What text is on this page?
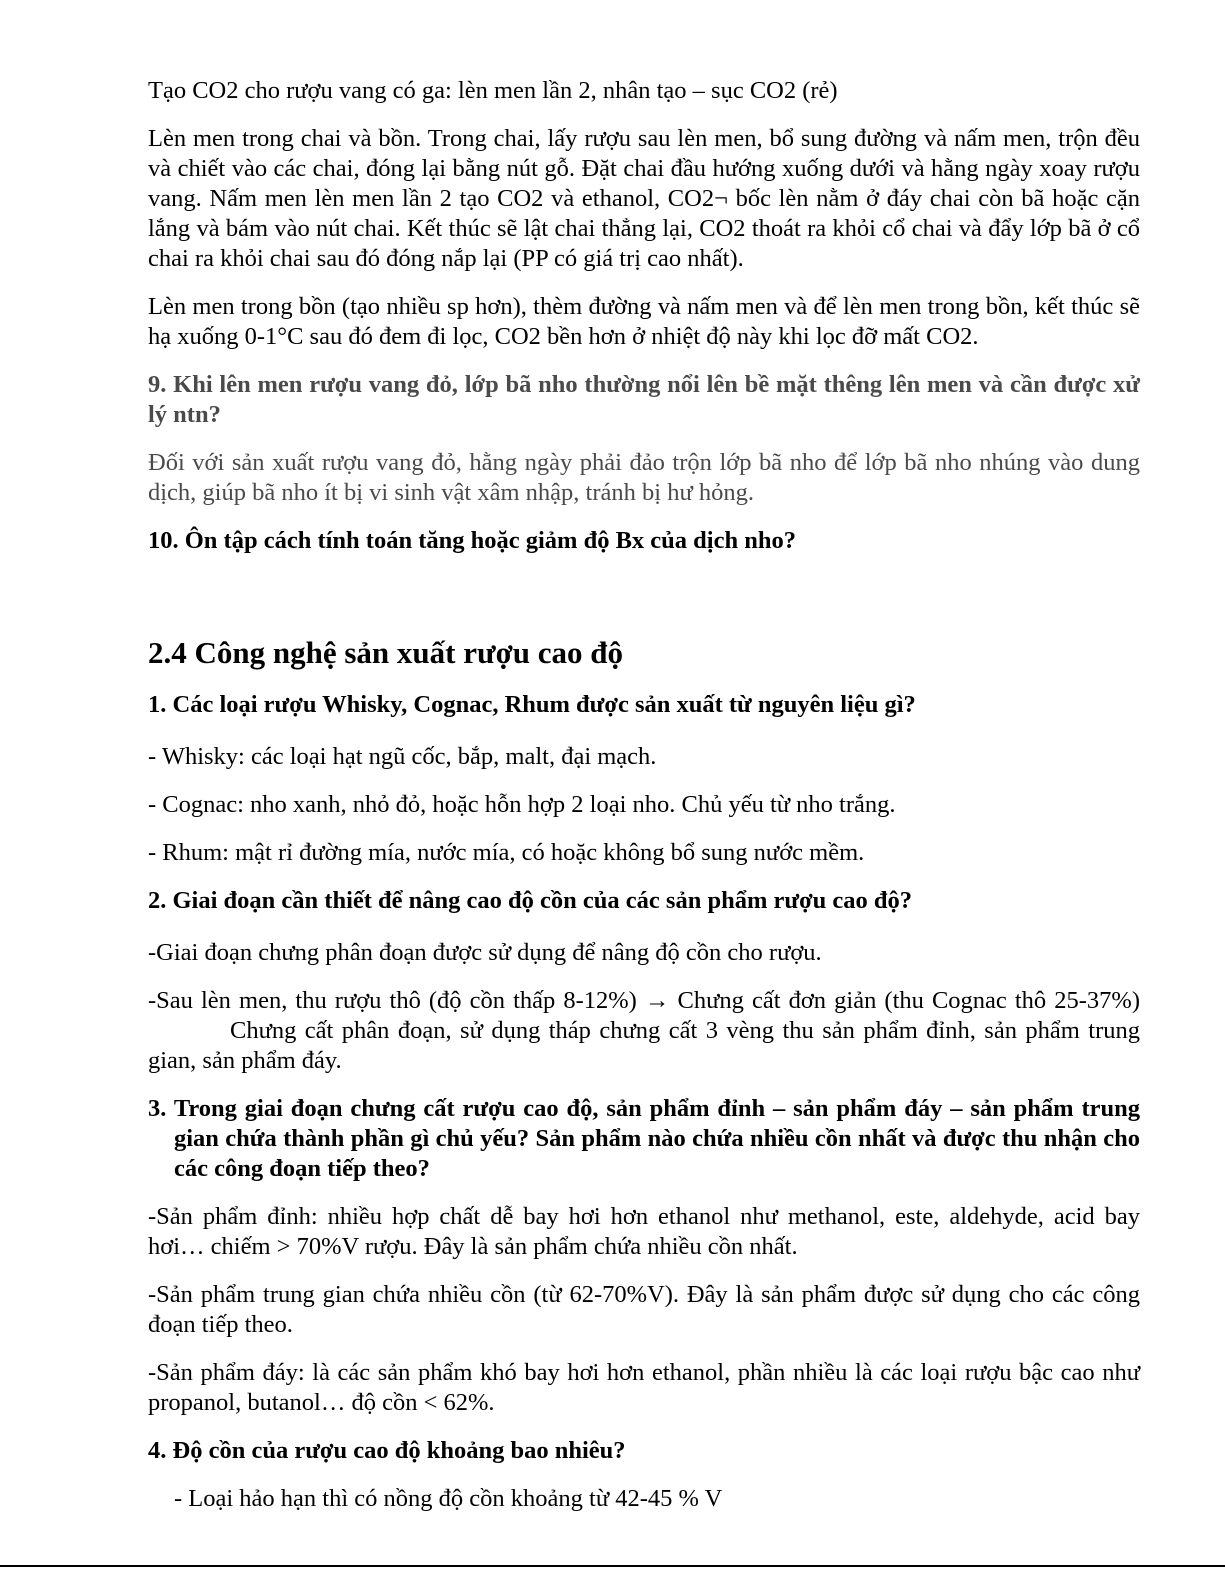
Tạo CO2 cho rượu vang có ga: lèn men lần 2, nhân tạo – sục CO2 (rẻ)

Lèn men trong chai và bồn. Trong chai, lấy rượu sau lèn men, bổ sung đường và nấm men, trộn đều và chiết vào các chai, đóng lại bằng nút gỗ. Đặt chai đầu hướng xuống dưới và hằng ngày xoay rượu vang. Nấm men lèn men lần 2 tạo CO2 và ethanol, CO2¬ bốc lèn nằm ở đáy chai còn bã hoặc cặn lắng và bám vào nút chai. Kết thúc sẽ lật chai thẳng lại, CO2 thoát ra khỏi cổ chai và đẩy lớp bã ở cổ chai ra khỏi chai sau đó đóng nắp lại (PP có giá trị cao nhất).

Lèn men trong bồn (tạo nhiều sp hơn), thèm đường và nấm men và để lèn men trong bồn, kết thúc sẽ hạ xuống 0-1°C sau đó đem đi lọc, CO2 bền hơn ở nhiệt độ này khi lọc đỡ mất CO2.

9. Khi lên men rượu vang đỏ, lớp bã nho thường nổi lên bề mặt thêng lên men và cần được xử lý ntn?

Đối với sản xuất rượu vang đỏ, hằng ngày phải đảo trộn lớp bã nho để lớp bã nho nhúng vào dung dịch, giúp bã nho ít bị vi sinh vật xâm nhập, tránh bị hư hỏng.

10. Ôn tập cách tính toán tăng hoặc giảm độ Bx của dịch nho?

2.4 Công nghệ sản xuất rượu cao độ

1. Các loại rượu Whisky, Cognac, Rhum được sản xuất từ nguyên liệu gì?

- Whisky: các loại hạt ngũ cốc, bắp, malt, đại mạch.

- Cognac: nho xanh, nhỏ đỏ, hoặc hỗn hợp 2 loại nho. Chủ yếu từ nho trắng.

- Rhum: mật rỉ đường mía, nước mía, có hoặc không bổ sung nước mềm.

2. Giai đoạn cần thiết để nâng cao độ cồn của các sản phẩm rượu cao độ?

-Giai đoạn chưng phân đoạn được sử dụng để nâng độ cồn cho rượu.

-Sau lèn men, thu rượu thô (độ cồn thấp 8-12%) → Chưng cất đơn giản (thu Cognac thô 25-37%)Chưng cất phân đoạn, sử dụng tháp chưng cất 3 vèng thu sản phẩm đỉnh, sản phẩm trung gian, sản phẩm đáy.

3. Trong giai đoạn chưng cất rượu cao độ, sản phẩm đỉnh – sản phẩm đáy – sản phẩm trung gian chứa thành phần gì chủ yếu? Sản phẩm nào chứa nhiều cồn nhất và được thu nhận cho các công đoạn tiếp theo?

-Sản phẩm đỉnh: nhiều hợp chất dễ bay hơi hơn ethanol như methanol, este, aldehyde, acid bay hơi… chiếm > 70%V rượu. Đây là sản phẩm chứa nhiều cồn nhất.

-Sản phẩm trung gian chứa nhiều cồn (từ 62-70%V). Đây là sản phẩm được sử dụng cho các công đoạn tiếp theo.

-Sản phẩm đáy: là các sản phẩm khó bay hơi hơn ethanol, phần nhiều là các loại rượu bậc cao như propanol, butanol… độ cồn < 62%.

4. Độ cồn của rượu cao độ khoảng bao nhiêu?

- Loại hảo hạn thì có nồng độ cồn khoảng từ 42-45 % V
